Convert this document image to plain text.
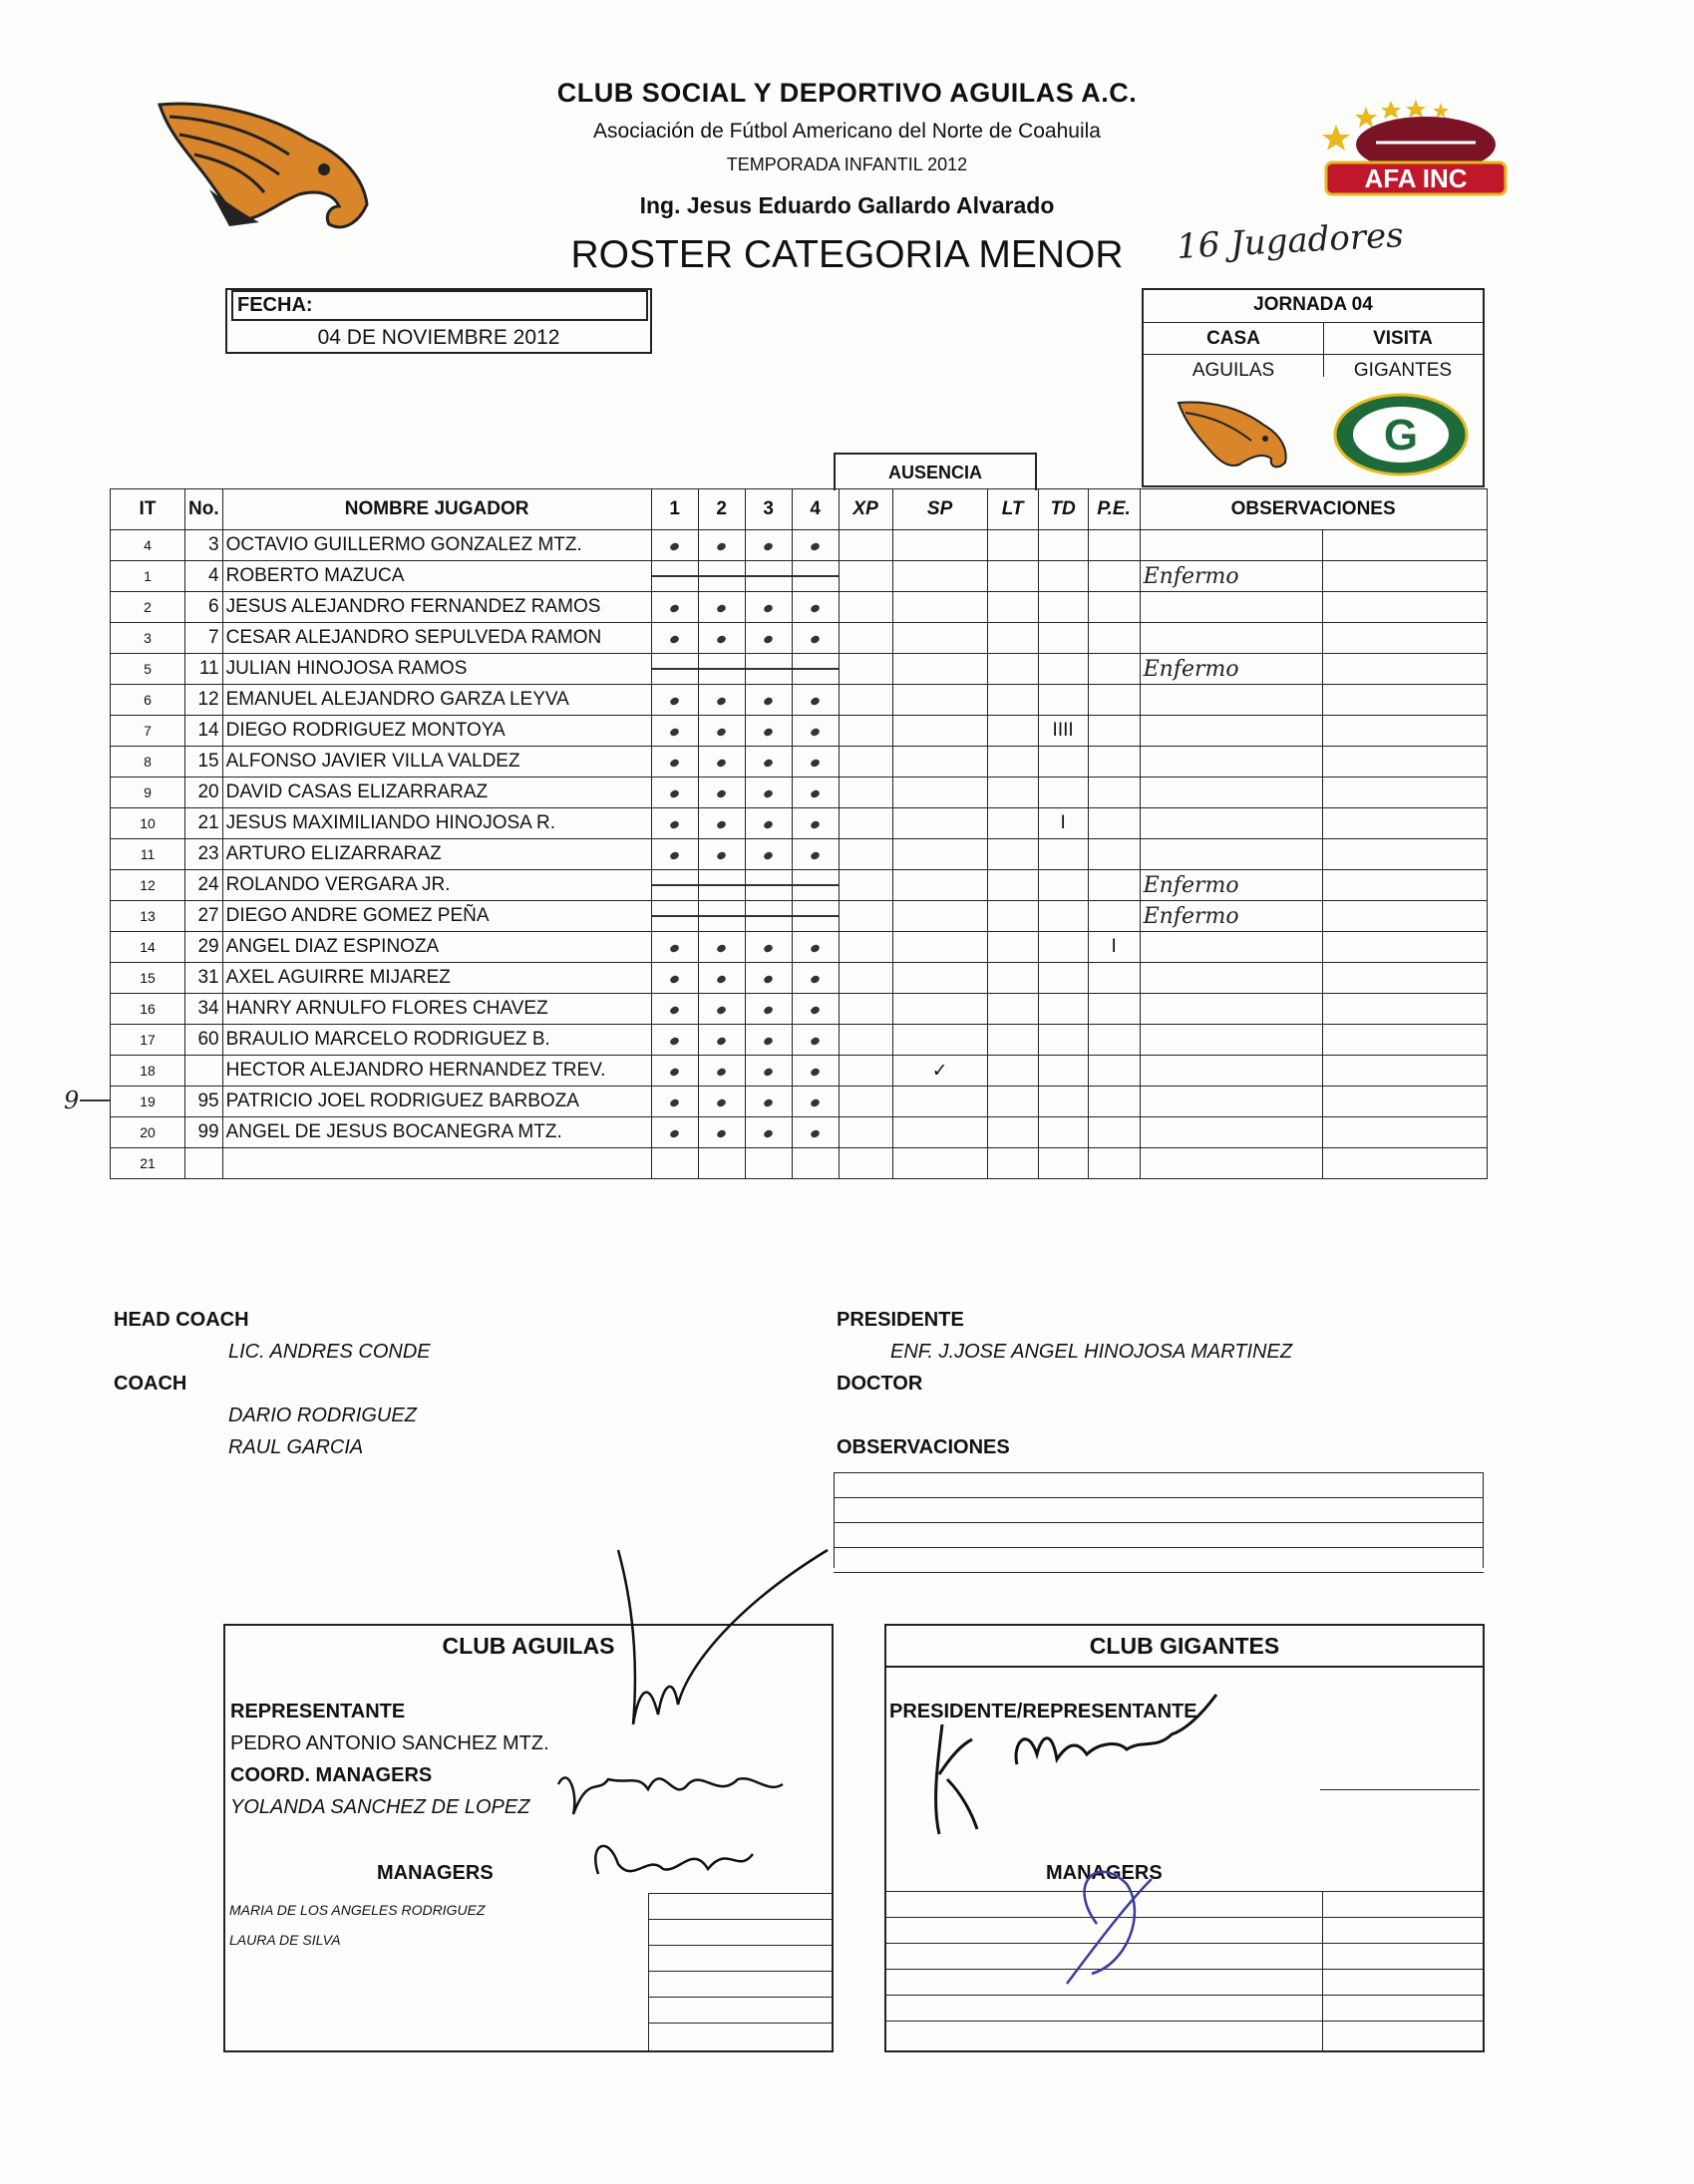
AFA INC
CLUB SOCIAL Y DEPORTIVO AGUILAS A.C.
Asociación de Fútbol Americano del Norte de Coahuila
TEMPORADA INFANTIL 2012
Ing. Jesus Eduardo Gallardo Alvarado
ROSTER CATEGORIA MENOR	16 Jugadores
FECHA:
04 DE NOVIEMBRE 2012
JORNADA 04
CASA	VISITA
AGUILAS	GIGANTES
G
AUSENCIA
9
IT	No.	NOMBRE JUGADOR	1	2	3	4	XP	SP	LT	TD	P.E.	OBSERVACIONES	
4	3	OCTAVIO GUILLERMO GONZALEZ MTZ.											
1	4	ROBERTO MAZUCA										Enfermo	
2	6	JESUS ALEJANDRO FERNANDEZ RAMOS											
3	7	CESAR ALEJANDRO SEPULVEDA RAMON											
5	11	JULIAN HINOJOSA RAMOS										Enfermo	
6	12	EMANUEL ALEJANDRO GARZA LEYVA											
7	14	DIEGO RODRIGUEZ MONTOYA								IIII			
8	15	ALFONSO JAVIER VILLA VALDEZ											
9	20	DAVID CASAS ELIZARRARAZ											
10	21	JESUS MAXIMILIANDO HINOJOSA R.								I			
11	23	ARTURO ELIZARRARAZ											
12	24	ROLANDO VERGARA JR.										Enfermo	
13	27	DIEGO ANDRE GOMEZ PEÑA										Enfermo	
14	29	ANGEL DIAZ ESPINOZA									I		
15	31	AXEL AGUIRRE MIJAREZ											
16	34	HANRY ARNULFO FLORES CHAVEZ											
17	60	BRAULIO MARCELO RODRIGUEZ B.											
18		HECTOR ALEJANDRO HERNANDEZ TREV.						✓					
19	95	PATRICIO JOEL RODRIGUEZ BARBOZA											
20	99	ANGEL DE JESUS BOCANEGRA MTZ.											
21													
HEAD COACH
LIC. ANDRES CONDE
COACH
DARIO RODRIGUEZ
RAUL GARCIA
PRESIDENTE
ENF. J.JOSE ANGEL HINOJOSA MARTINEZ
DOCTOR
OBSERVACIONES
CLUB AGUILAS
REPRESENTANTE
PEDRO ANTONIO SANCHEZ MTZ.
COORD. MANAGERS
YOLANDA SANCHEZ DE LOPEZ
MANAGERS
MARIA DE LOS ANGELES RODRIGUEZ
LAURA DE SILVA
CLUB GIGANTES
PRESIDENTE/REPRESENTANTE
MANAGERS
